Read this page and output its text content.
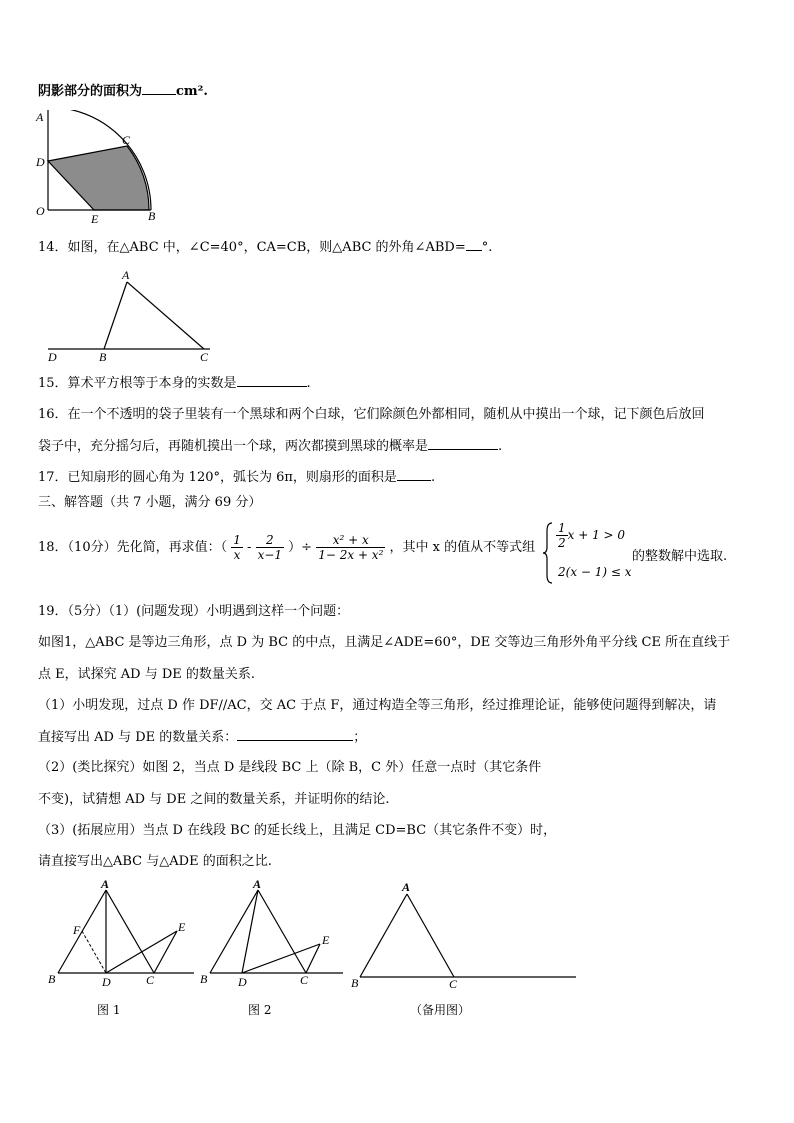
阴影部分的面积为	cm².
A
C
D
O
E	B
14．如图，在△ABC 中，∠C=40°，CA=CB，则△ABC 的外角∠ABD= °.
A
D	B	C
15．算术平方根等于本身的实数是	.
16．在一个不透明的袋子里装有一个黑球和两个白球，它们除颜色外都相同，随机从中摸出一个球，记下颜色后放回
袋子中，充分摇匀后，再随机摸出一个球，两次都摸到黑球的概率是	.
17．已知扇形的圆心角为 120°，弧长为 6π，则扇形的面积是	.
三、解答题（共 7 小题，满分 69 分）
18．（10分）先化简，再求值：（ $\frac{1}{x} - \frac{2}{x-1}$ ）÷ $\frac{\text{x² + x}}{\text{1− 2x + x²}}$ ，其中 x 的值从不等式组 $\frac{1}{2}$ x + 1 > 0
2(x − 1) ≤ x
的整数解中选取.
19．（5分）（1）(问题发现）小明遇到这样一个问题：
如图1，△ABC 是等边三角形，点 D 为 BC 的中点，且满足∠ADE=60°，DE 交等边三角形外角平分线 CE 所在直线于
点 E，试探究 AD 与 DE 的数量关系.
（1）小明发现，过点 D 作 DF//AC，交 AC 于点 F，通过构造全等三角形，经过推理论证，能够使问题得到解决，请
直接写出 AD 与 DE 的数量关系：	；
（2）(类比探究）如图 2，当点 D 是线段 BC 上（除 B，C 外）任意一点时（其它条件
不变)，试猜想 AD 与 DE 之间的数量关系，并证明你的结论.
（3）(拓展应用）当点 D 在线段 BC 的延长线上，且满足 CD=BC（其它条件不变）时，
请直接写出△ABC 与△ADE 的面积之比.
A
F	E
B	D	C
图 1
A
E
B	D	C
图 2
A
B	C
（备用图）
